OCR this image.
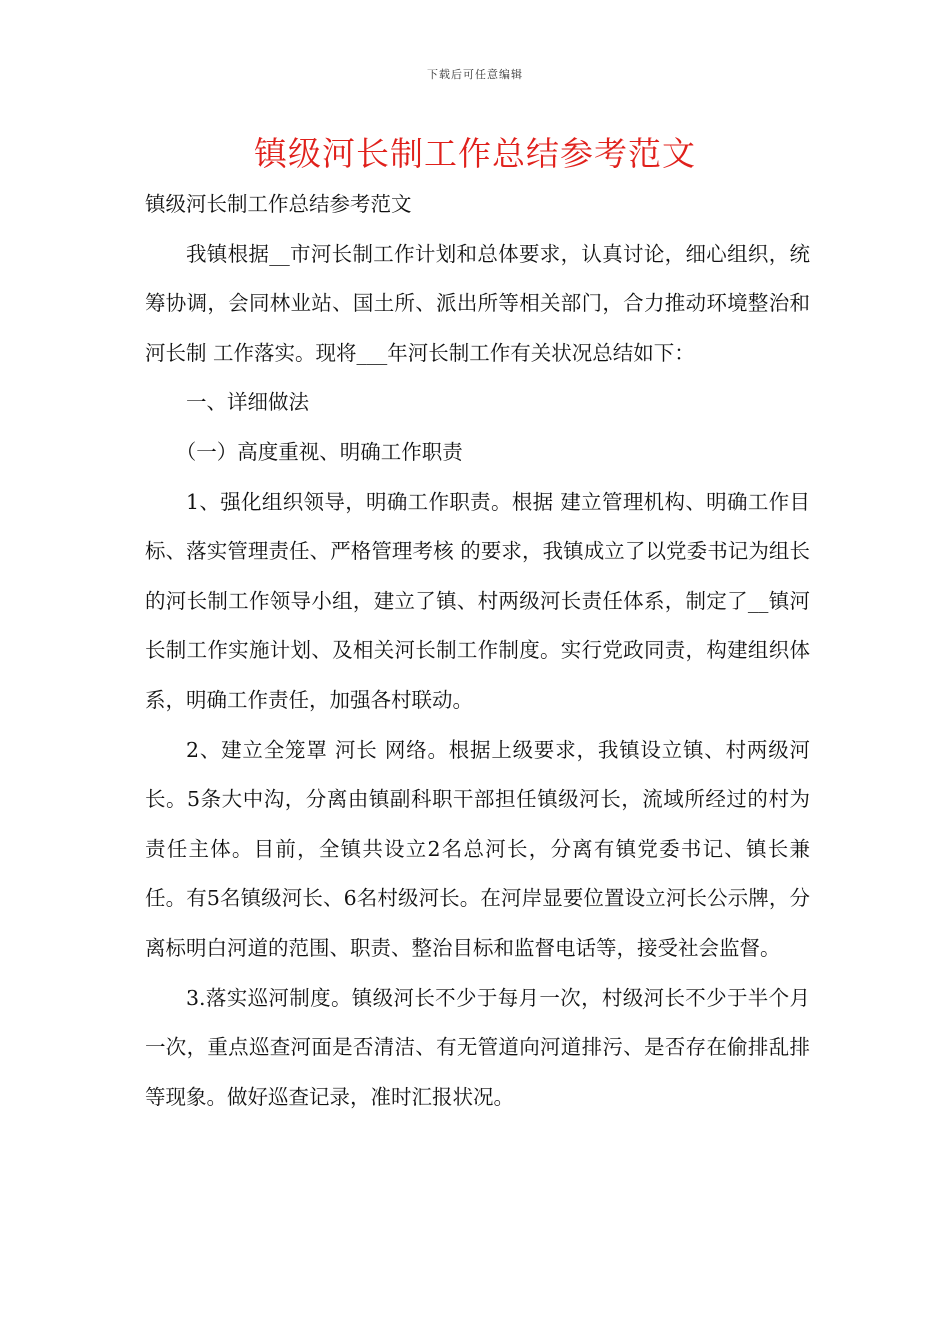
下载后可任意编辑
镇级河长制工作总结参考范文

镇级河长制工作总结参考范文

我镇根据__市河长制工作计划和总体要求，认真讨论，细心组织，统筹协调，会同林业站、国土所、派出所等相关部门，合力推动环境整治和 河长制 工作落实。现将___年河长制工作有关状况总结如下：

一、详细做法

（一）高度重视、明确工作职责

1、强化组织领导，明确工作职责。根据 建立管理机构、明确工作目标、落实管理责任、严格管理考核 的要求，我镇成立了以党委书记为组长的河长制工作领导小组，建立了镇、村两级河长责任体系，制定了__镇河长制工作实施计划、及相关河长制工作制度。实行党政同责，构建组织体系，明确工作责任，加强各村联动。

2、建立全笼罩 河长 网络。根据上级要求，我镇设立镇、村两级河长。5条大中沟，分离由镇副科职干部担任镇级河长，流域所经过的村为责任主体。目前，全镇共设立2名总河长，分离有镇党委书记、镇长兼任。有5名镇级河长、6名村级河长。在河岸显要位置设立河长公示牌，分离标明白河道的范围、职责、整治目标和监督电话等，接受社会监督。

3.落实巡河制度。镇级河长不少于每月一次，村级河长不少于半个月一次，重点巡查河面是否清洁、有无管道向河道排污、是否存在偷排乱排等现象。做好巡查记录，准时汇报状况。
